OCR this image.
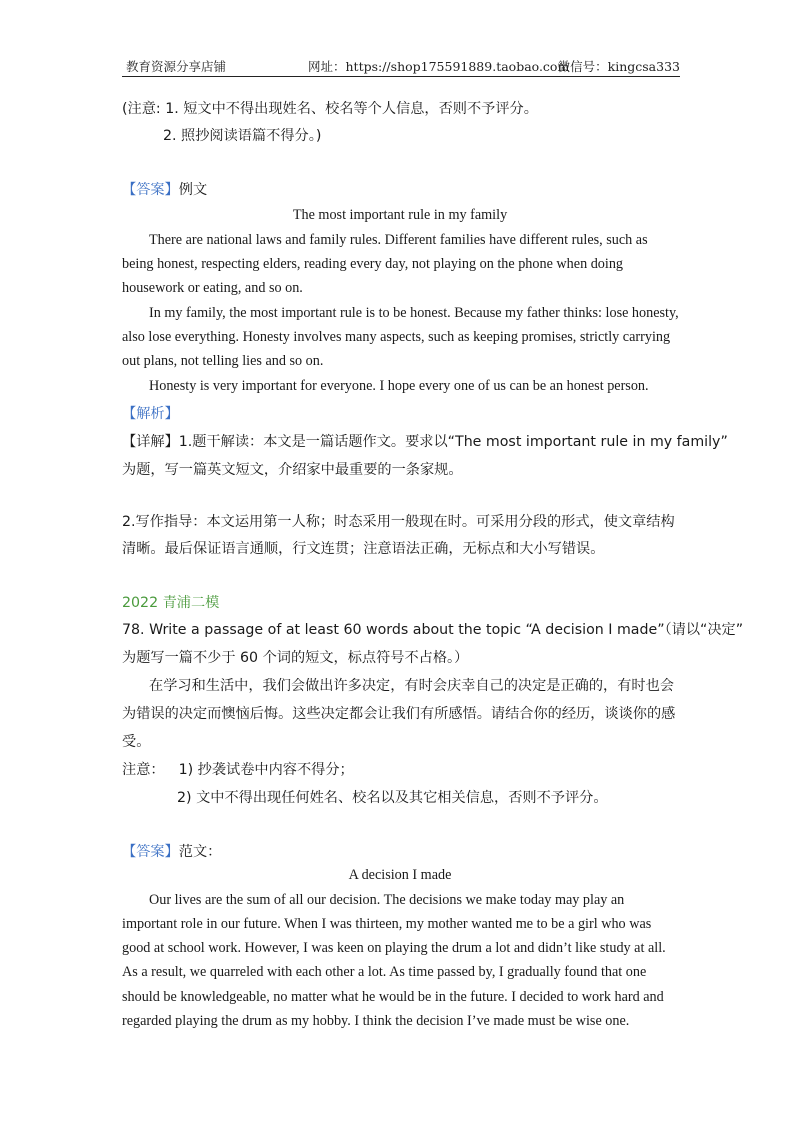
教育资源分享店铺	网址：https://shop175591889.taobao.com
微信号：kingcsa333
(注意: 1. 短文中不得出现姓名、校名等个人信息，否则不予评分。
2. 照抄阅读语篇不得分。)
【答案】例文
The most important rule in my family
There are national laws and family rules. Different families have different rules, such as
being honest, respecting elders, reading every day, not playing on the phone when doing
housework or eating, and so on.
In my family, the most important rule is to be honest. Because my father thinks: lose honesty,
also lose everything. Honesty involves many aspects, such as keeping promises, strictly carrying
out plans, not telling lies and so on.
Honesty is very important for everyone. I hope every one of us can be an honest person.
【解析】
【详解】1.题干解读：本文是一篇话题作文。要求以“The most important rule in my family”
为题，写一篇英文短文，介绍家中最重要的一条家规。
2.写作指导：本文运用第一人称；时态采用一般现在时。可采用分段的形式，使文章结构
清晰。最后保证语言通顺，行文连贯；注意语法正确，无标点和大小写错误。
2022 青浦二模
78. Write a passage of at least 60 words about the topic “A decision I made”（请以“决定”
为题写一篇不少于 60 个词的短文，标点符号不占格。）
在学习和生活中，我们会做出许多决定，有时会庆幸自己的决定是正确的，有时也会
为错误的决定而懊恼后悔。这些决定都会让我们有所感悟。请结合你的经历，谈谈你的感
受。
注意： 1) 抄袭试卷中内容不得分；
2) 文中不得出现任何姓名、校名以及其它相关信息，否则不予评分。
【答案】范文：
A decision I made
Our lives are the sum of all our decision. The decisions we make today may play an
important role in our future. When I was thirteen, my mother wanted me to be a girl who was
good at school work. However, I was keen on playing the drum a lot and didn’t like study at all.
As a result, we quarreled with each other a lot. As time passed by, I gradually found that one
should be knowledgeable, no matter what he would be in the future. I decided to work hard and
regarded playing the drum as my hobby. I think the decision I’ve made must be wise one.
